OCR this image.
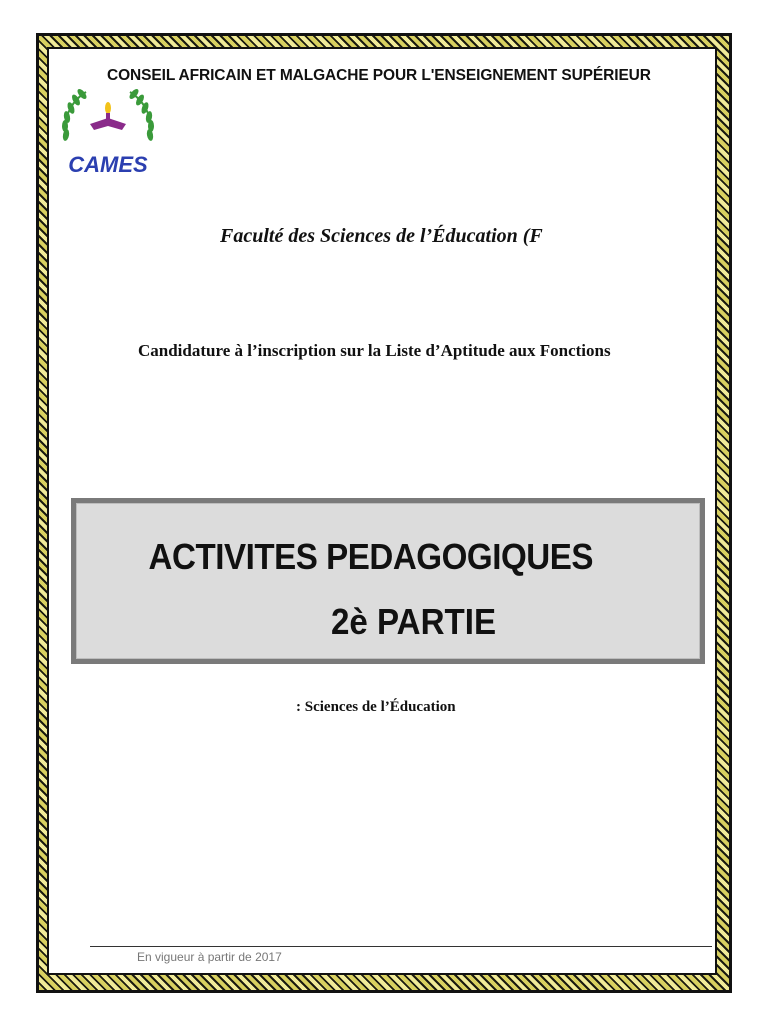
CONSEIL AFRICAIN ET MALGACHE POUR L'ENSEIGNEMENT SUPÉRIEUR
CAMES
Faculté des Sciences de l’Éducation (F
Candidature à l’inscription sur la Liste d’Aptitude aux Fonctions
ACTIVITES PEDAGOGIQUES
2è PARTIE
: Sciences de l’Éducation
En vigueur à partir de 2017
